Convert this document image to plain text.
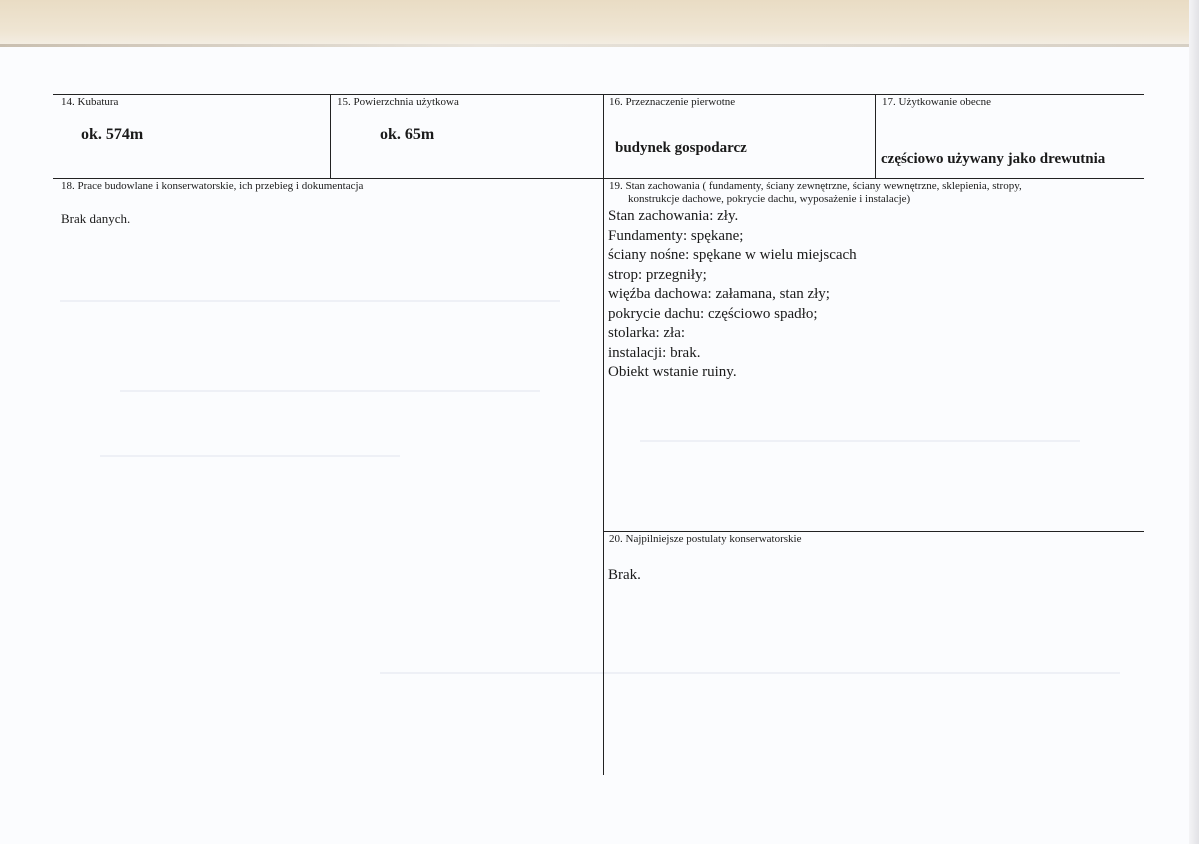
14. Kubatura
ok. 574m
15. Powierzchnia użytkowa
ok. 65m
16. Przeznaczenie pierwotne
budynek gospodarcz
17. Użytkowanie obecne
częściowo używany jako drewutnia
18. Prace budowlane i konserwatorskie, ich przebieg i dokumentacja
Brak danych.
19. Stan zachowania ( fundamenty, ściany zewnętrzne, ściany wewnętrzne, sklepienia, stropy,
konstrukcje dachowe, pokrycie dachu, wyposażenie i instalacje)
Stan zachowania: zły.
Fundamenty: spękane;
ściany nośne: spękane w wielu miejscach
strop: przegniły;
więźba dachowa: załamana, stan zły;
pokrycie dachu: częściowo spadło;
stolarka: zła:
instalacji: brak.
Obiekt wstanie ruiny.
20. Najpilniejsze postulaty konserwatorskie
Brak.
